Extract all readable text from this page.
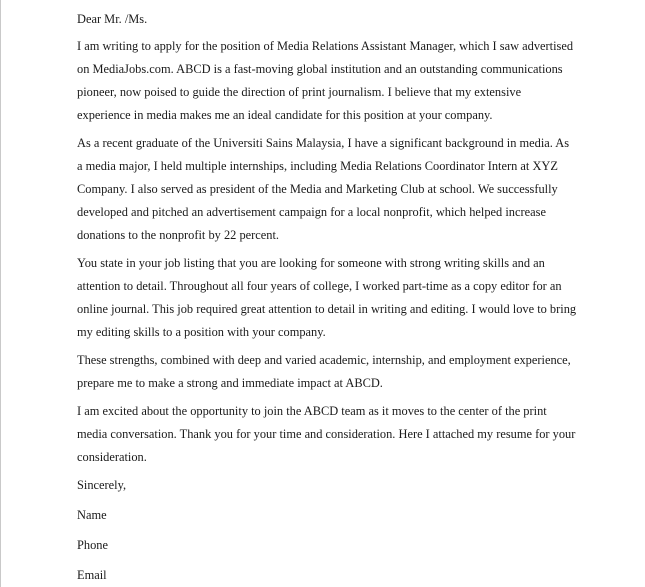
Dear Mr. /Ms.

I am writing to apply for the position of Media Relations Assistant Manager, which I saw advertised on MediaJobs.com. ABCD is a fast-moving global institution and an outstanding communications pioneer, now poised to guide the direction of print journalism. I believe that my extensive experience in media makes me an ideal candidate for this position at your company.

As a recent graduate of the Universiti Sains Malaysia, I have a significant background in media. As a media major, I held multiple internships, including Media Relations Coordinator Intern at XYZ Company. I also served as president of the Media and Marketing Club at school. We successfully developed and pitched an advertisement campaign for a local nonprofit, which helped increase donations to the nonprofit by 22 percent.

You state in your job listing that you are looking for someone with strong writing skills and an attention to detail. Throughout all four years of college, I worked part-time as a copy editor for an online journal. This job required great attention to detail in writing and editing. I would love to bring my editing skills to a position with your company.

These strengths, combined with deep and varied academic, internship, and employment experience, prepare me to make a strong and immediate impact at ABCD.

I am excited about the opportunity to join the ABCD team as it moves to the center of the print media conversation. Thank you for your time and consideration. Here I attached my resume for your consideration.

Sincerely,

Name

Phone

Email
